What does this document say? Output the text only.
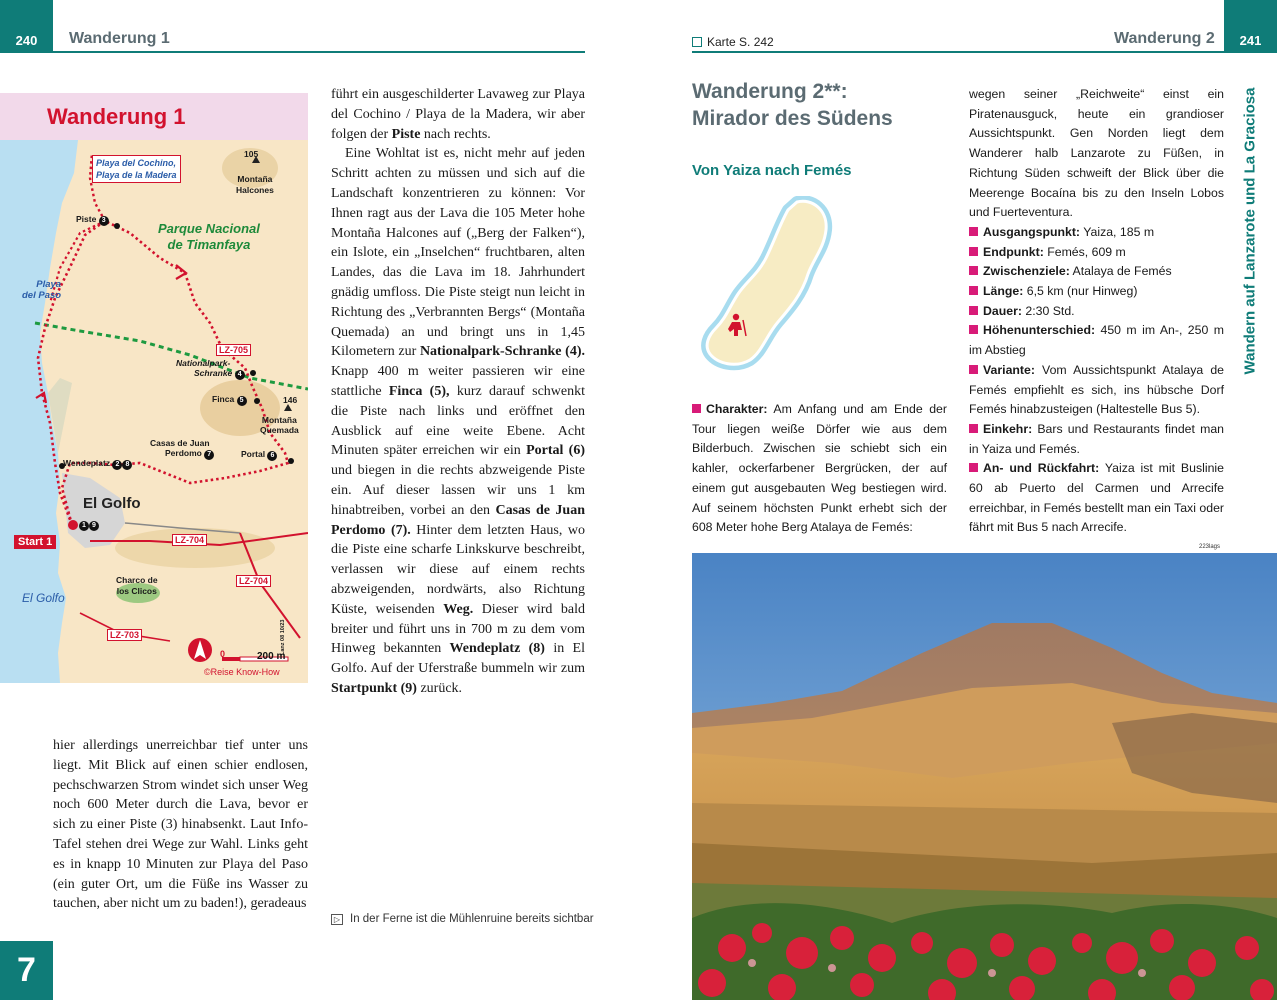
240	Wanderung 1
Wanderung 1
Playa del Cochino,
Playa de la Madera
105
Montaña
Halcones
Piste 3
Parque Nacional
de Timanfaya
Playa
del Paso
LZ-705
Nationalpark-
Schranke 4
146
Finca 5
Montaña
Quemada
Casas de Juan
Perdomo 7	Portal 6
Wendeplatz 2 8
El Golfo
1 9
Start 1	LZ-704
LZ-704
Charco de
los Clicos
El Golfo
LZ-703
0	200 m
©Reise Know-How
Lanz 08 10/23

hier allerdings unerreichbar tief unter uns liegt. Mit Blick auf einen schier endlosen, pechschwarzen Strom windet sich unser Weg noch 600 Meter durch die Lava, bevor er sich zu einer Piste (3) hinabsenkt. Laut Info-Tafel stehen drei Wege zur Wahl. Links geht es in knapp 10 Minuten zur Playa del Paso (ein guter Ort, um die Füße ins Wasser zu tauchen, aber nicht um zu baden!), geradeaus

führt ein ausgeschilderter Lavaweg zur Playa del Cochino / Playa de la Madera, wir aber folgen der Piste nach rechts.

Eine Wohltat ist es, nicht mehr auf jeden Schritt achten zu müssen und sich auf die Landschaft konzentrieren zu können: Vor Ihnen ragt aus der Lava die 105 Meter hohe Montaña Halcones auf („Berg der Falken“), ein Islote, ein „Inselchen“ fruchtbaren, alten Landes, das die Lava im 18. Jahrhundert gnädig umfloss. Die Piste steigt nun leicht in Richtung des „Verbrannten Bergs“ (Montaña Quemada) an und bringt uns in 1,45 Kilometern zur Nationalpark-Schranke (4). Knapp 400 m weiter passieren wir eine stattliche Finca (5), kurz darauf schwenkt die Piste nach links und eröffnet den Ausblick auf eine weite Ebene. Acht Minuten später erreichen wir ein Portal (6) und biegen in die rechts abzweigende Piste ein. Auf dieser lassen wir uns 1 km hinabtreiben, vorbei an den Casas de Juan Perdomo (7). Hinter dem letzten Haus, wo die Piste eine scharfe Linkskurve beschreibt, verlassen wir diese auf einem rechts abzweigenden, nordwärts, also Richtung Küste, weisenden Weg. Dieser wird bald breiter und führt uns in 700 m zu dem vom Hinweg bekannten Wendeplatz (8) in El Golfo. Auf der Uferstraße bummeln wir zum Startpunkt (9) zurück.

▷ In der Ferne ist die Mühlenruine bereits sichtbar
7
Karte S. 242	Wanderung 2	241
Wanderung 2**:
Mirador des Südens
Von Yaiza nach Femés

Charakter: Am Anfang und am Ende der Tour liegen weiße Dörfer wie aus dem Bilderbuch. Zwischen sie schiebt sich ein kahler, ockerfarbener Bergrücken, der auf einem gut ausgebauten Weg bestiegen wird. Auf seinem höchsten Punkt erhebt sich der 608 Meter hohe Berg Atalaya de Femés:

wegen seiner „Reichweite“ einst ein Piratenausguck, heute ein grandioser Aussichtspunkt. Gen Norden liegt dem Wanderer halb Lanzarote zu Füßen, in Richtung Süden schweift der Blick über die Meerenge Bocaína bis zu den Inseln Lobos und Fuerteventura.

Ausgangspunkt: Yaiza, 185 m

Endpunkt: Femés, 609 m

Zwischenziele: Atalaya de Femés

Länge: 6,5 km (nur Hinweg)

Dauer: 2:30 Std.

Höhenunterschied: 450 m im An-, 250 m im Abstieg

Variante: Vom Aussichtspunkt Atalaya de Femés empfiehlt es sich, ins hübsche Dorf Femés hinabzusteigen (Haltestelle Bus 5).

Einkehr: Bars und Restaurants findet man in Yaiza und Femés.

An- und Rückfahrt: Yaiza ist mit Buslinie 60 ab Puerto del Carmen und Arrecife erreichbar, in Femés bestellt man ein Taxi oder fährt mit Bus 5 nach Arrecife.

Wandern auf Lanzarote und La Graciosa
223lags
